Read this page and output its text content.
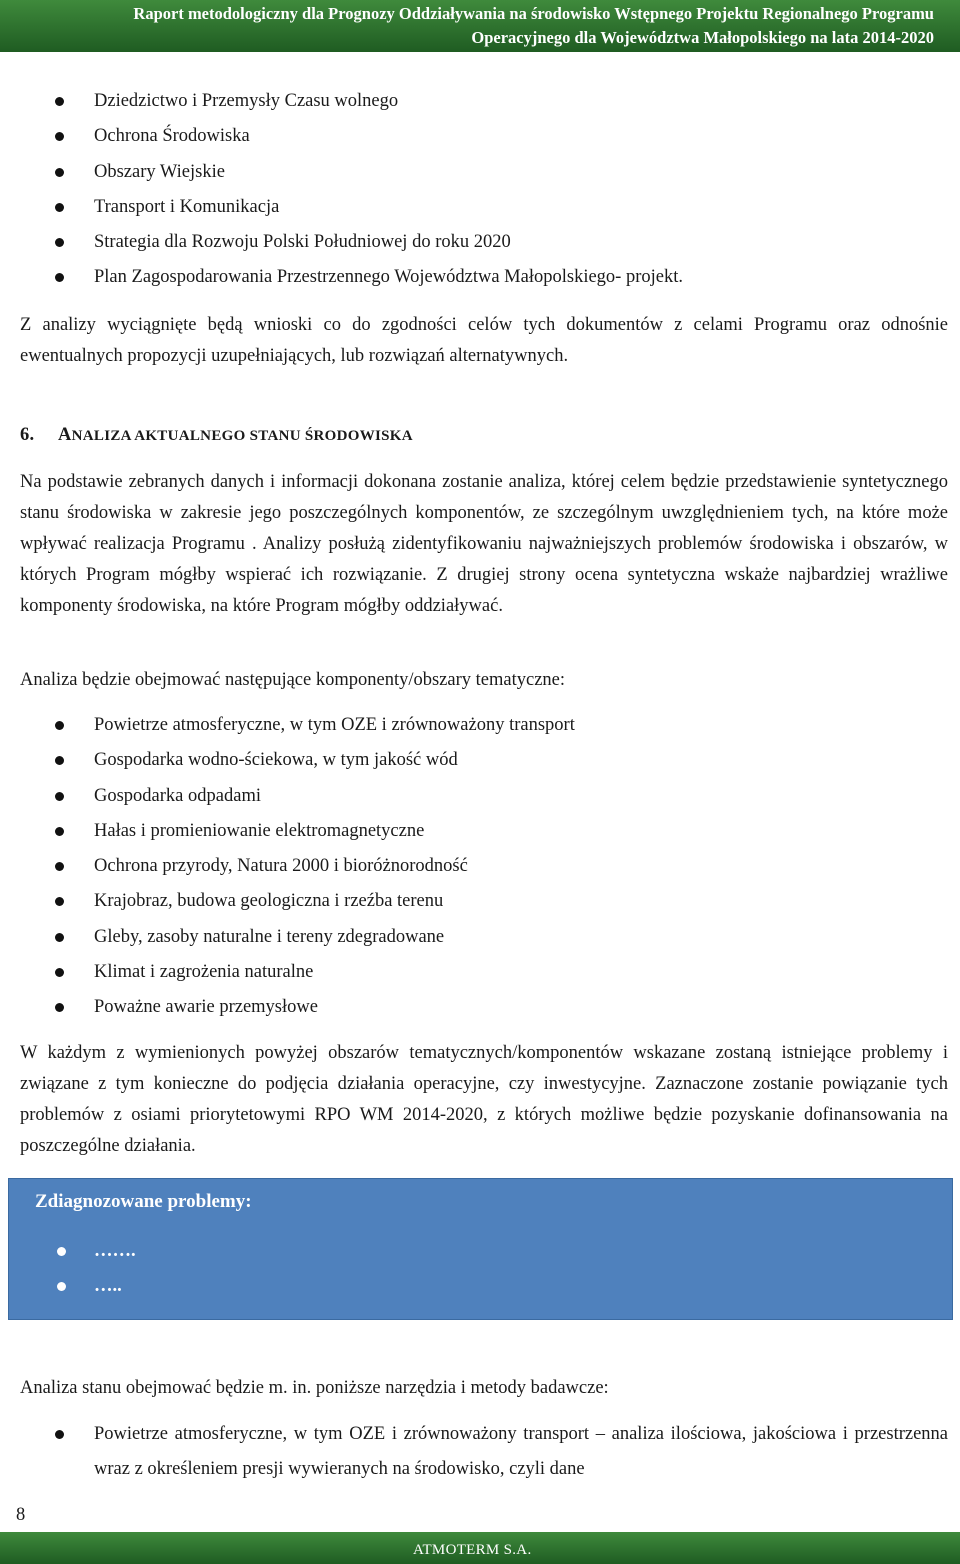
Raport metodologiczny dla Prognozy Oddziaływania na środowisko Wstępnego Projektu Regionalnego Programu
Operacyjnego dla Województwa Małopolskiego na lata 2014-2020
Dziedzictwo i Przemysły Czasu wolnego
Ochrona Środowiska
Obszary Wiejskie
Transport i Komunikacja
Strategia dla Rozwoju Polski Południowej do roku 2020
Plan Zagospodarowania Przestrzennego Województwa Małopolskiego- projekt.

Z analizy wyciągnięte będą wnioski co do zgodności celów tych dokumentów z celami Programu oraz odnośnie ewentualnych propozycji uzupełniających, lub rozwiązań alternatywnych.

6. ANALIZA AKTUALNEGO STANU ŚRODOWISKA

Na podstawie zebranych danych i informacji dokonana zostanie analiza, której celem będzie przedstawienie syntetycznego stanu środowiska w zakresie jego poszczególnych komponentów, ze szczególnym uwzględnieniem tych, na które może wpływać realizacja Programu . Analizy posłużą zidentyfikowaniu najważniejszych problemów środowiska i obszarów, w których Program mógłby wspierać ich rozwiązanie. Z drugiej strony ocena syntetyczna wskaże najbardziej wrażliwe komponenty środowiska, na które Program mógłby oddziaływać.

Analiza będzie obejmować następujące komponenty/obszary tematyczne:

Powietrze atmosferyczne, w tym OZE i zrównoważony transport
Gospodarka wodno-ściekowa, w tym jakość wód
Gospodarka odpadami
Hałas i promieniowanie elektromagnetyczne
Ochrona przyrody, Natura 2000 i bioróżnorodność
Krajobraz, budowa geologiczna i rzeźba terenu
Gleby, zasoby naturalne i tereny zdegradowane
Klimat i zagrożenia naturalne
Poważne awarie przemysłowe

W każdym z wymienionych powyżej obszarów tematycznych/komponentów wskazane zostaną istniejące problemy i związane z tym konieczne do podjęcia działania operacyjne, czy inwestycyjne. Zaznaczone zostanie powiązanie tych problemów z osiami priorytetowymi RPO WM 2014-2020, z których możliwe będzie pozyskanie dofinansowania na poszczególne działania.

Zdiagnozowane problemy:
…….
…..

Analiza stanu obejmować będzie m. in. poniższe narzędzia i metody badawcze:

Powietrze atmosferyczne, w tym OZE i zrównoważony transport – analiza ilościowa, jakościowa i przestrzenna wraz z określeniem presji wywieranych na środowisko, czyli dane

8
ATMOTERM S.A.
